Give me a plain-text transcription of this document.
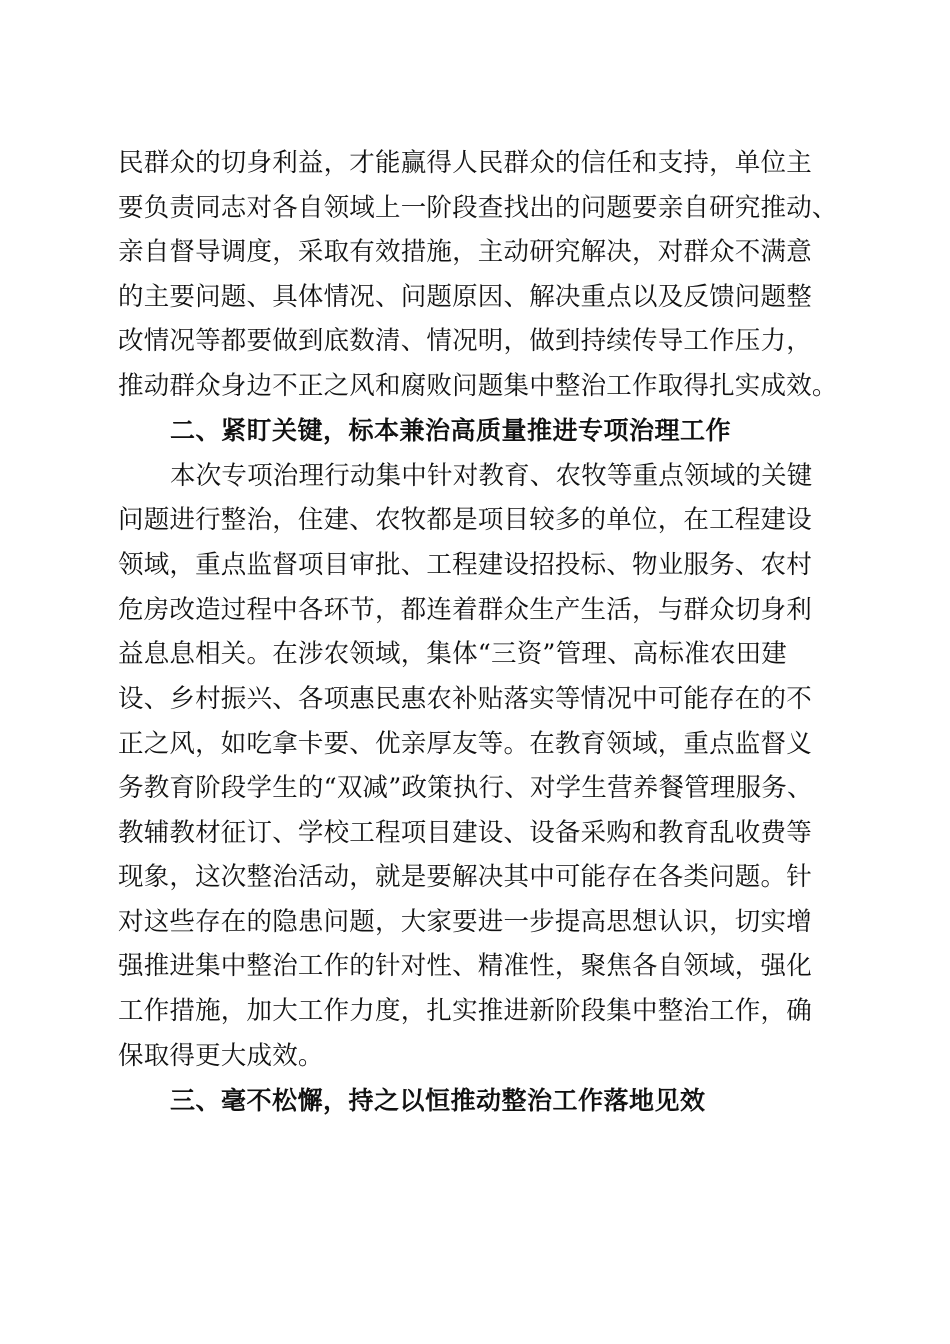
民群众的切身利益，才能赢得人民群众的信任和支持，单位主
要负责同志对各自领域上一阶段查找出的问题要亲自研究推动、
亲自督导调度，采取有效措施，主动研究解决，对群众不满意
的主要问题、具体情况、问题原因、解决重点以及反馈问题整
改情况等都要做到底数清、情况明，做到持续传导工作压力，
推动群众身边不正之风和腐败问题集中整治工作取得扎实成效。
二、紧盯关键，标本兼治高质量推进专项治理工作
本次专项治理行动集中针对教育、农牧等重点领域的关键
问题进行整治，住建、农牧都是项目较多的单位，在工程建设
领域，重点监督项目审批、工程建设招投标、物业服务、农村
危房改造过程中各环节，都连着群众生产生活，与群众切身利
益息息相关。在涉农领域，集体“三资”管理、高标准农田建
设、乡村振兴、各项惠民惠农补贴落实等情况中可能存在的不
正之风，如吃拿卡要、优亲厚友等。在教育领域，重点监督义
务教育阶段学生的“双减”政策执行、对学生营养餐管理服务、
教辅教材征订、学校工程项目建设、设备采购和教育乱收费等
现象，这次整治活动，就是要解决其中可能存在各类问题。针
对这些存在的隐患问题，大家要进一步提高思想认识，切实增
强推进集中整治工作的针对性、精准性，聚焦各自领域，强化
工作措施，加大工作力度，扎实推进新阶段集中整治工作，确
保取得更大成效。
三、毫不松懈，持之以恒推动整治工作落地见效
